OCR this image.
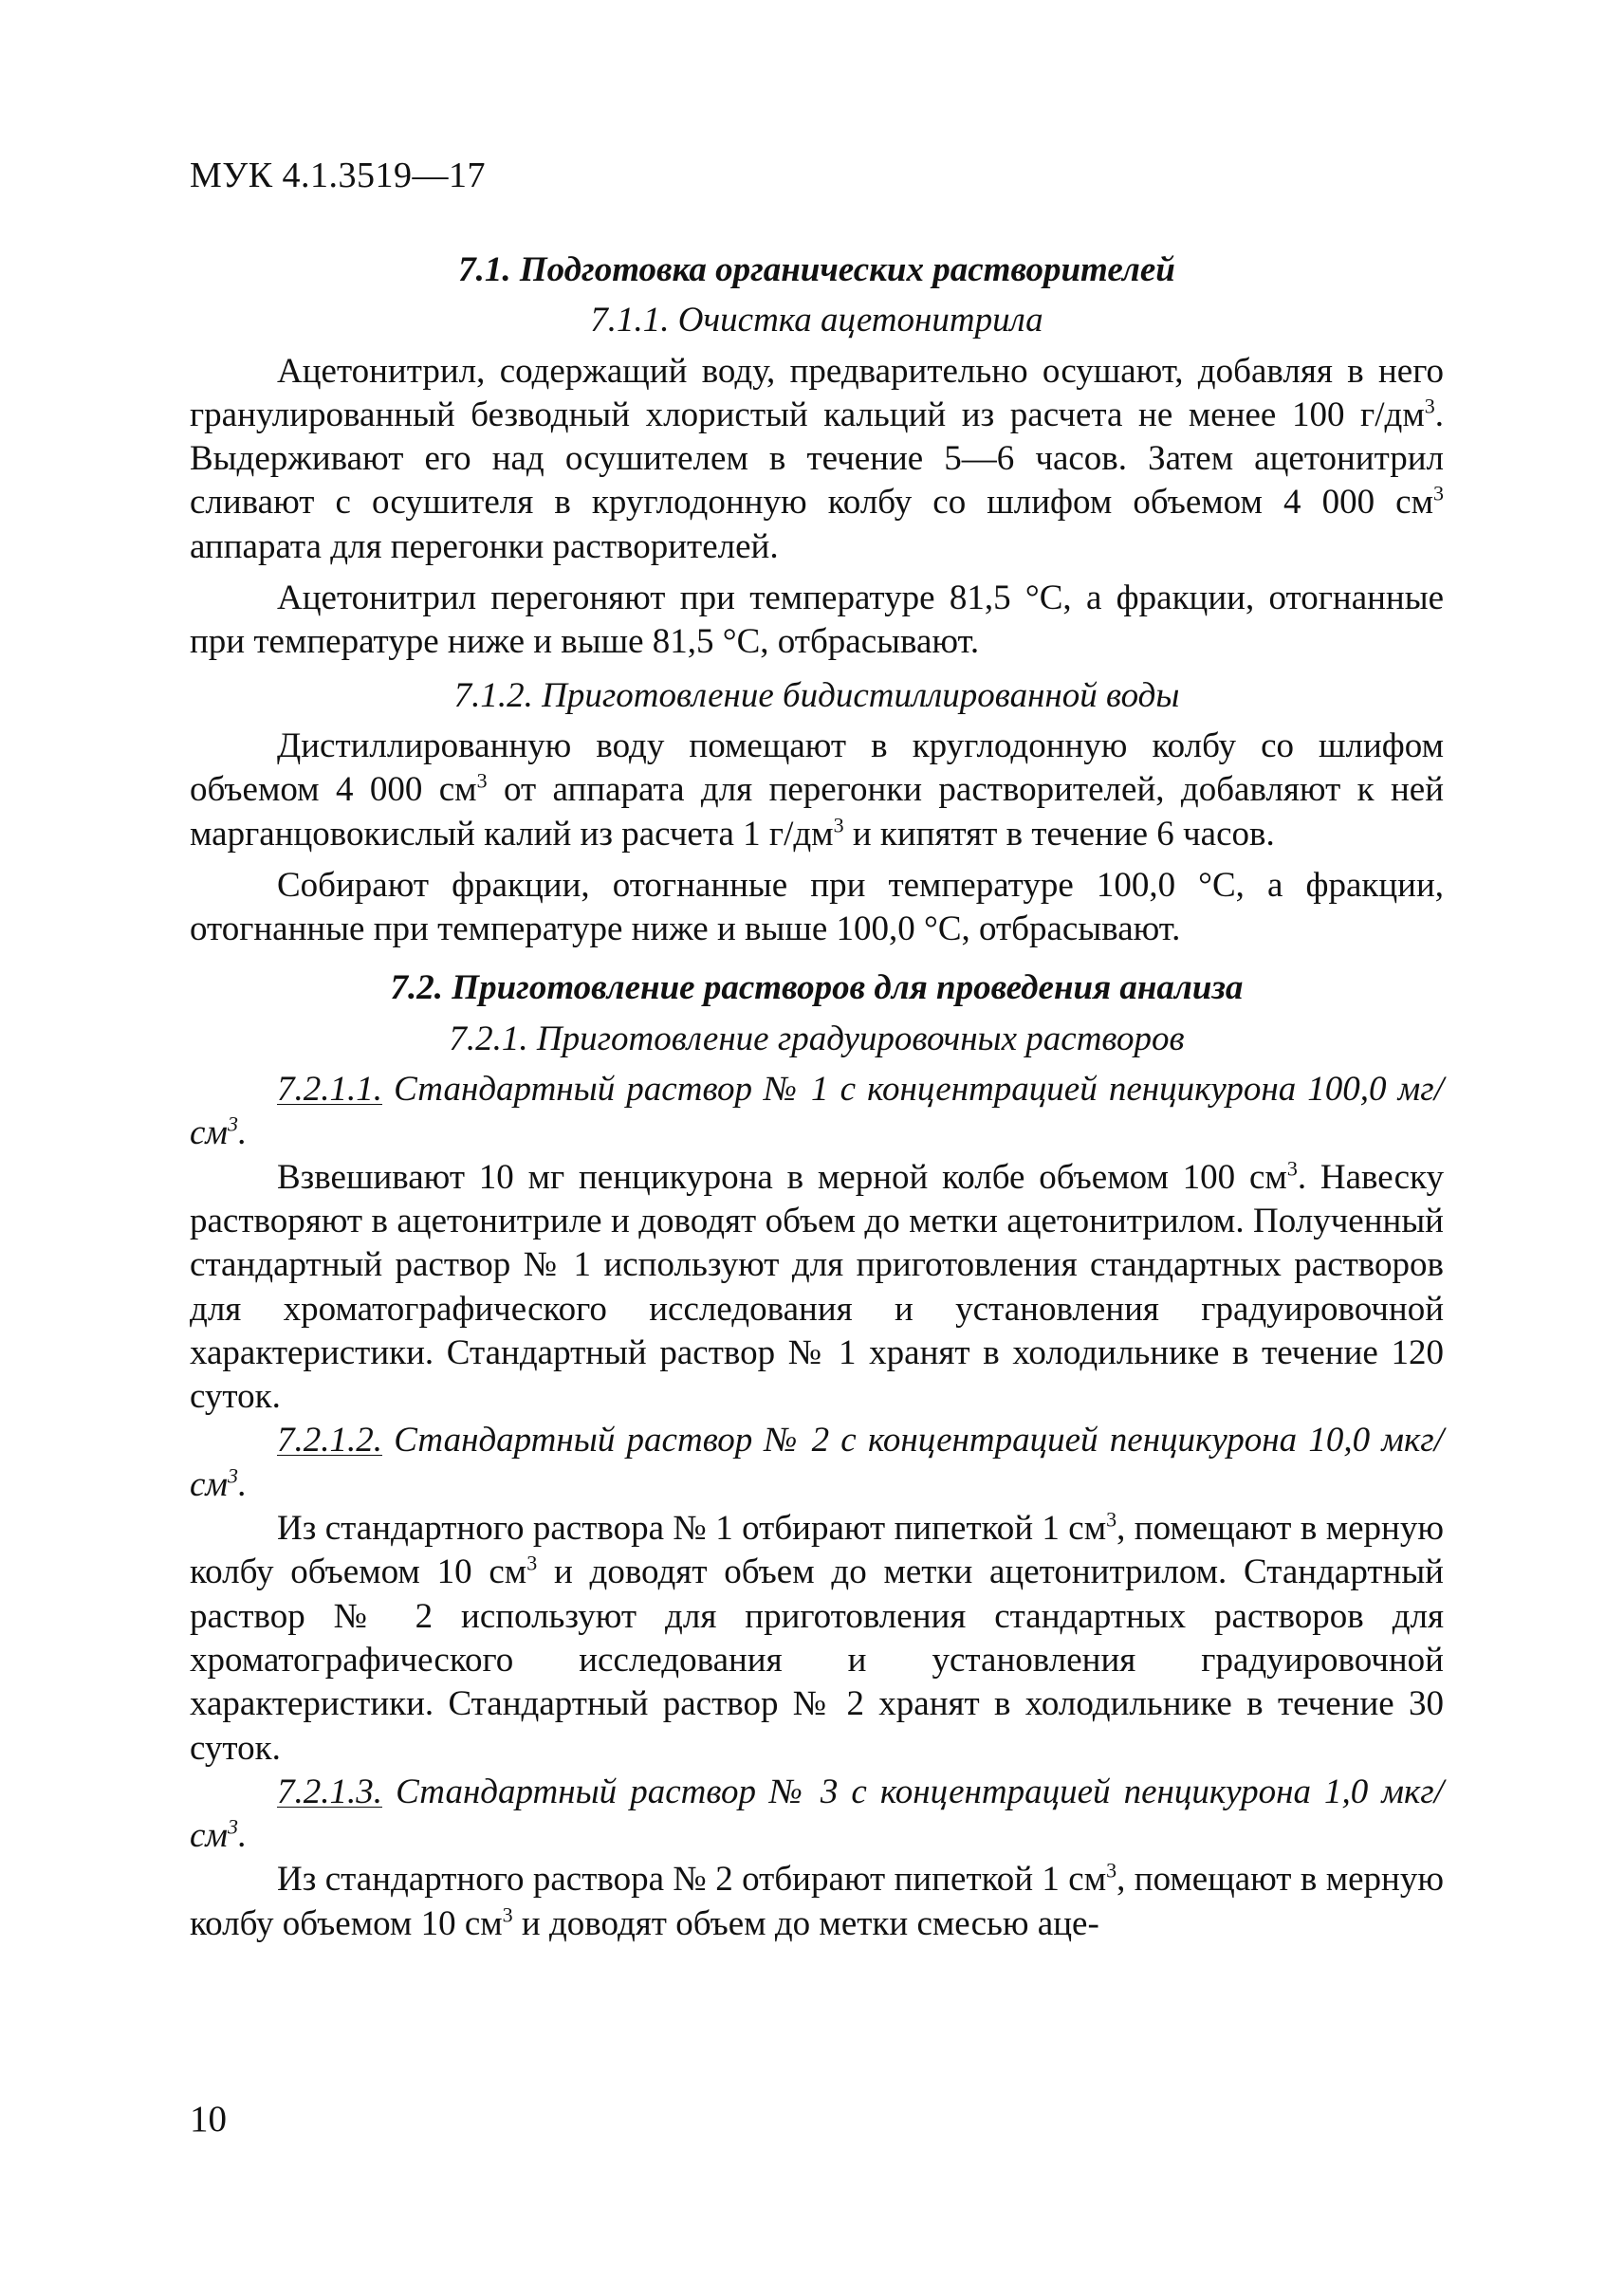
МУК 4.1.3519—17

7.1. Подготовка органических растворителей

7.1.1. Очистка ацетонитрила

Ацетонитрил, содержащий воду, предварительно осушают, добавляя в него гранулированный безводный хлористый кальций из расчета не менее 100 $г/дм^3$. Выдерживают его над осушителем в течение 5—6 часов. Затем ацетонитрил сливают с осушителя в круглодонную колбу со шлифом объемом 4 000 $см^3$ аппарата для перегонки растворителей.

Ацетонитрил перегоняют при температуре 81,5 °С, а фракции, отогнанные при температуре ниже и выше 81,5 °С, отбрасывают.

7.1.2. Приготовление бидистиллированной воды

Дистиллированную воду помещают в круглодонную колбу со шлифом объемом 4 000 $см^3$ от аппарата для перегонки растворителей, добавляют к ней марганцовокислый калий из расчета 1 $г/дм^3$ и кипятят в течение 6 часов.

Собирают фракции, отогнанные при температуре 100,0 °С, а фракции, отогнанные при температуре ниже и выше 100,0 °С, отбрасывают.

7.2. Приготовление растворов для проведения анализа

7.2.1. Приготовление градуировочных растворов

7.2.1.1. Стандартный раствор № 1 с концентрацией пенцикурона 100,0 $мг/см^3$.

Взвешивают 10 мг пенцикурона в мерной колбе объемом 100 $см^3$. Навеску растворяют в ацетонитриле и доводят объем до метки ацетонитрилом. Полученный стандартный раствор № 1 используют для приготовления стандартных растворов для хроматографического исследования и установления градуировочной характеристики. Стандартный раствор № 1 хранят в холодильнике в течение 120 суток.

7.2.1.2. Стандартный раствор № 2 с концентрацией пенцикурона 10,0 мкг/$см^3$.

Из стандартного раствора № 1 отбирают пипеткой 1 $см^3$, помещают в мерную колбу объемом 10 $см^3$ и доводят объем до метки ацетонитрилом. Стандартный раствор № 2 используют для приготовления стандартных растворов для хроматографического исследования и установления градуировочной характеристики. Стандартный раствор № 2 хранят в холодильнике в течение 30 суток.

7.2.1.3. Стандартный раствор № 3 с концентрацией пенцикурона 1,0 мкг/$см^3$.

Из стандартного раствора № 2 отбирают пипеткой 1 $см^3$, помещают в мерную колбу объемом 10 $см^3$ и доводят объем до метки смесью аце-

10
